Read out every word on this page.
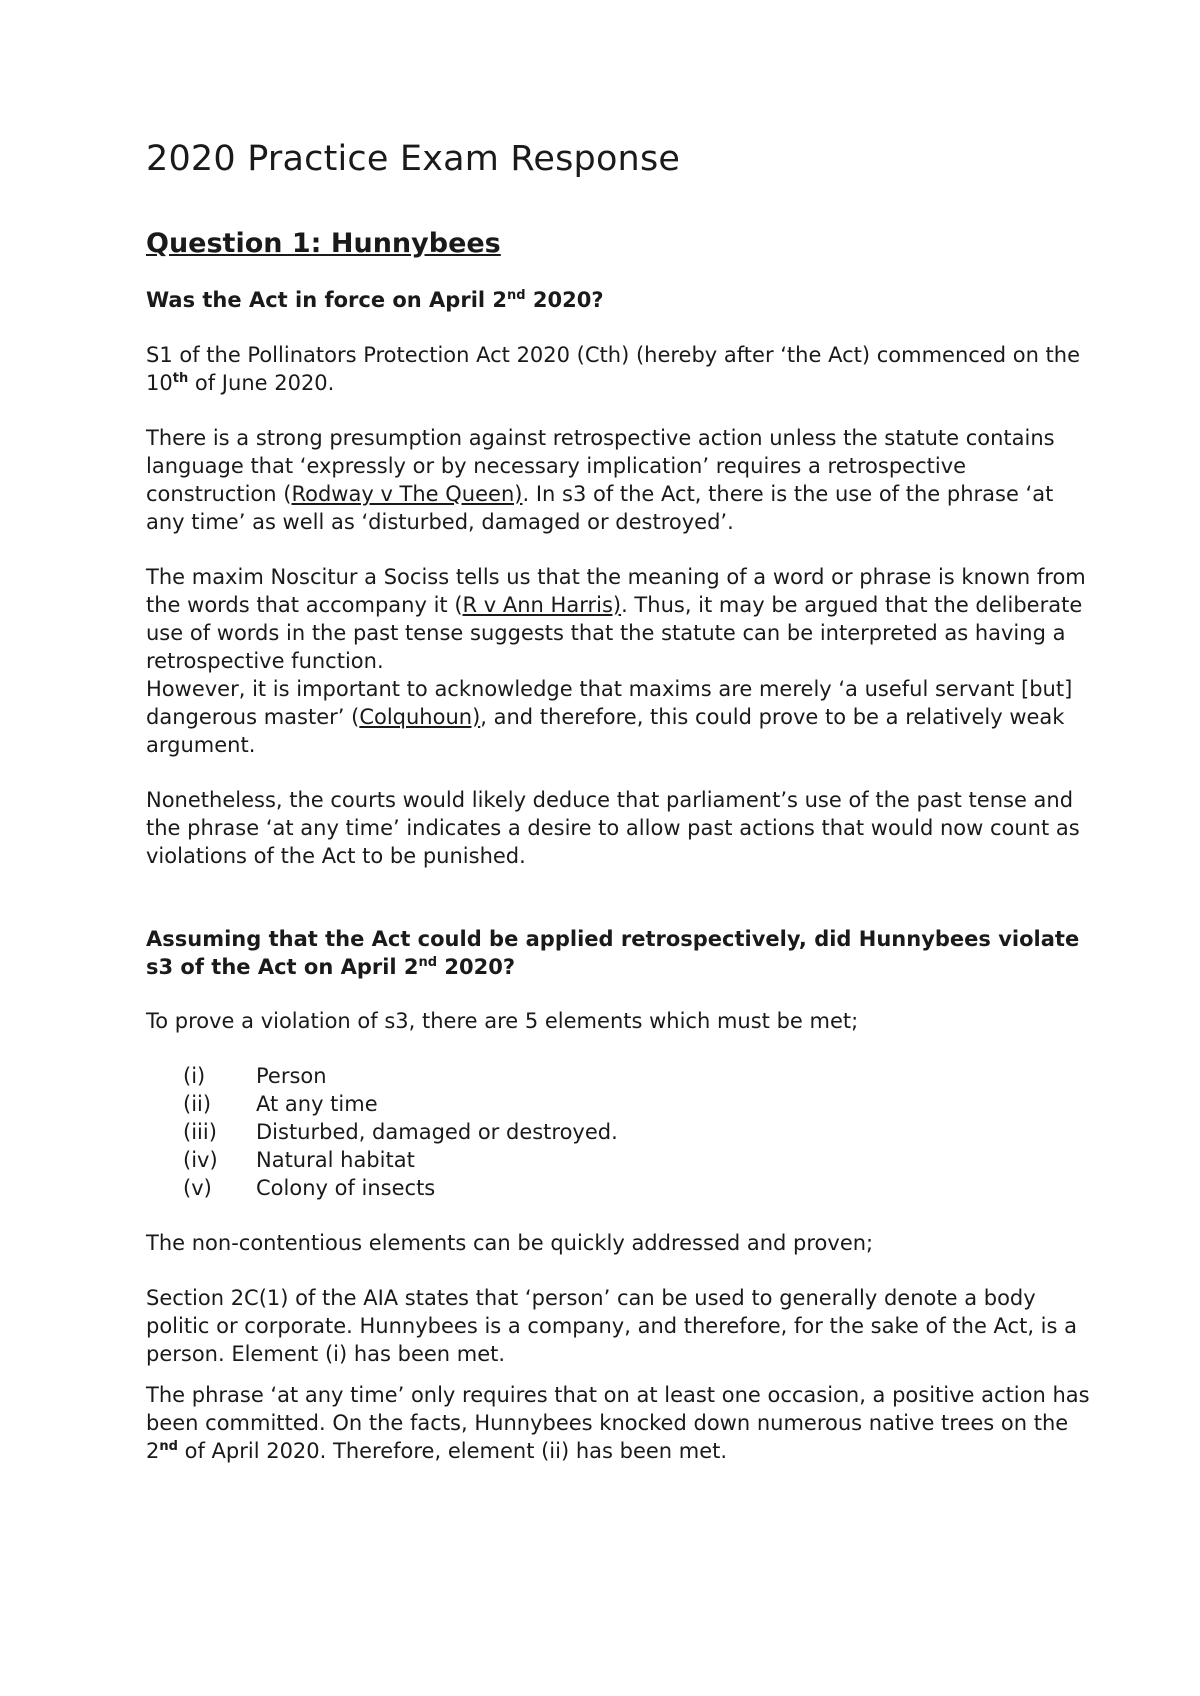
2020 Practice Exam Response
Question 1: Hunnybees
Was the Act in force on April 2nd 2020?

S1 of the Pollinators Protection Act 2020 (Cth) (hereby after ‘the Act) commenced on the 10th of June 2020.

There is a strong presumption against retrospective action unless the statute contains language that ‘expressly or by necessary implication’ requires a retrospective construction (Rodway v The Queen). In s3 of the Act, there is the use of the phrase ‘at any time’ as well as ‘disturbed, damaged or destroyed’.

The maxim Noscitur a Sociss tells us that the meaning of a word or phrase is known from the words that accompany it (R v Ann Harris). Thus, it may be argued that the deliberate use of words in the past tense suggests that the statute can be interpreted as having a retrospective function.

However, it is important to acknowledge that maxims are merely ‘a useful servant [but] dangerous master’ (Colquhoun), and therefore, this could prove to be a relatively weak argument.

Nonetheless, the courts would likely deduce that parliament’s use of the past tense and the phrase ‘at any time’ indicates a desire to allow past actions that would now count as violations of the Act to be punished.

Assuming that the Act could be applied retrospectively, did Hunnybees violate s3 of the Act on April 2nd 2020?

To prove a violation of s3, there are 5 elements which must be met;

(i)	Person
(ii)	At any time
(iii)	Disturbed, damaged or destroyed.
(iv)	Natural habitat
(v)	Colony of insects

The non-contentious elements can be quickly addressed and proven;

Section 2C(1) of the AIA states that ‘person’ can be used to generally denote a body politic or corporate. Hunnybees is a company, and therefore, for the sake of the Act, is a person. Element (i) has been met.

The phrase ‘at any time’ only requires that on at least one occasion, a positive action has been committed. On the facts, Hunnybees knocked down numerous native trees on the 2nd of April 2020. Therefore, element (ii) has been met.
